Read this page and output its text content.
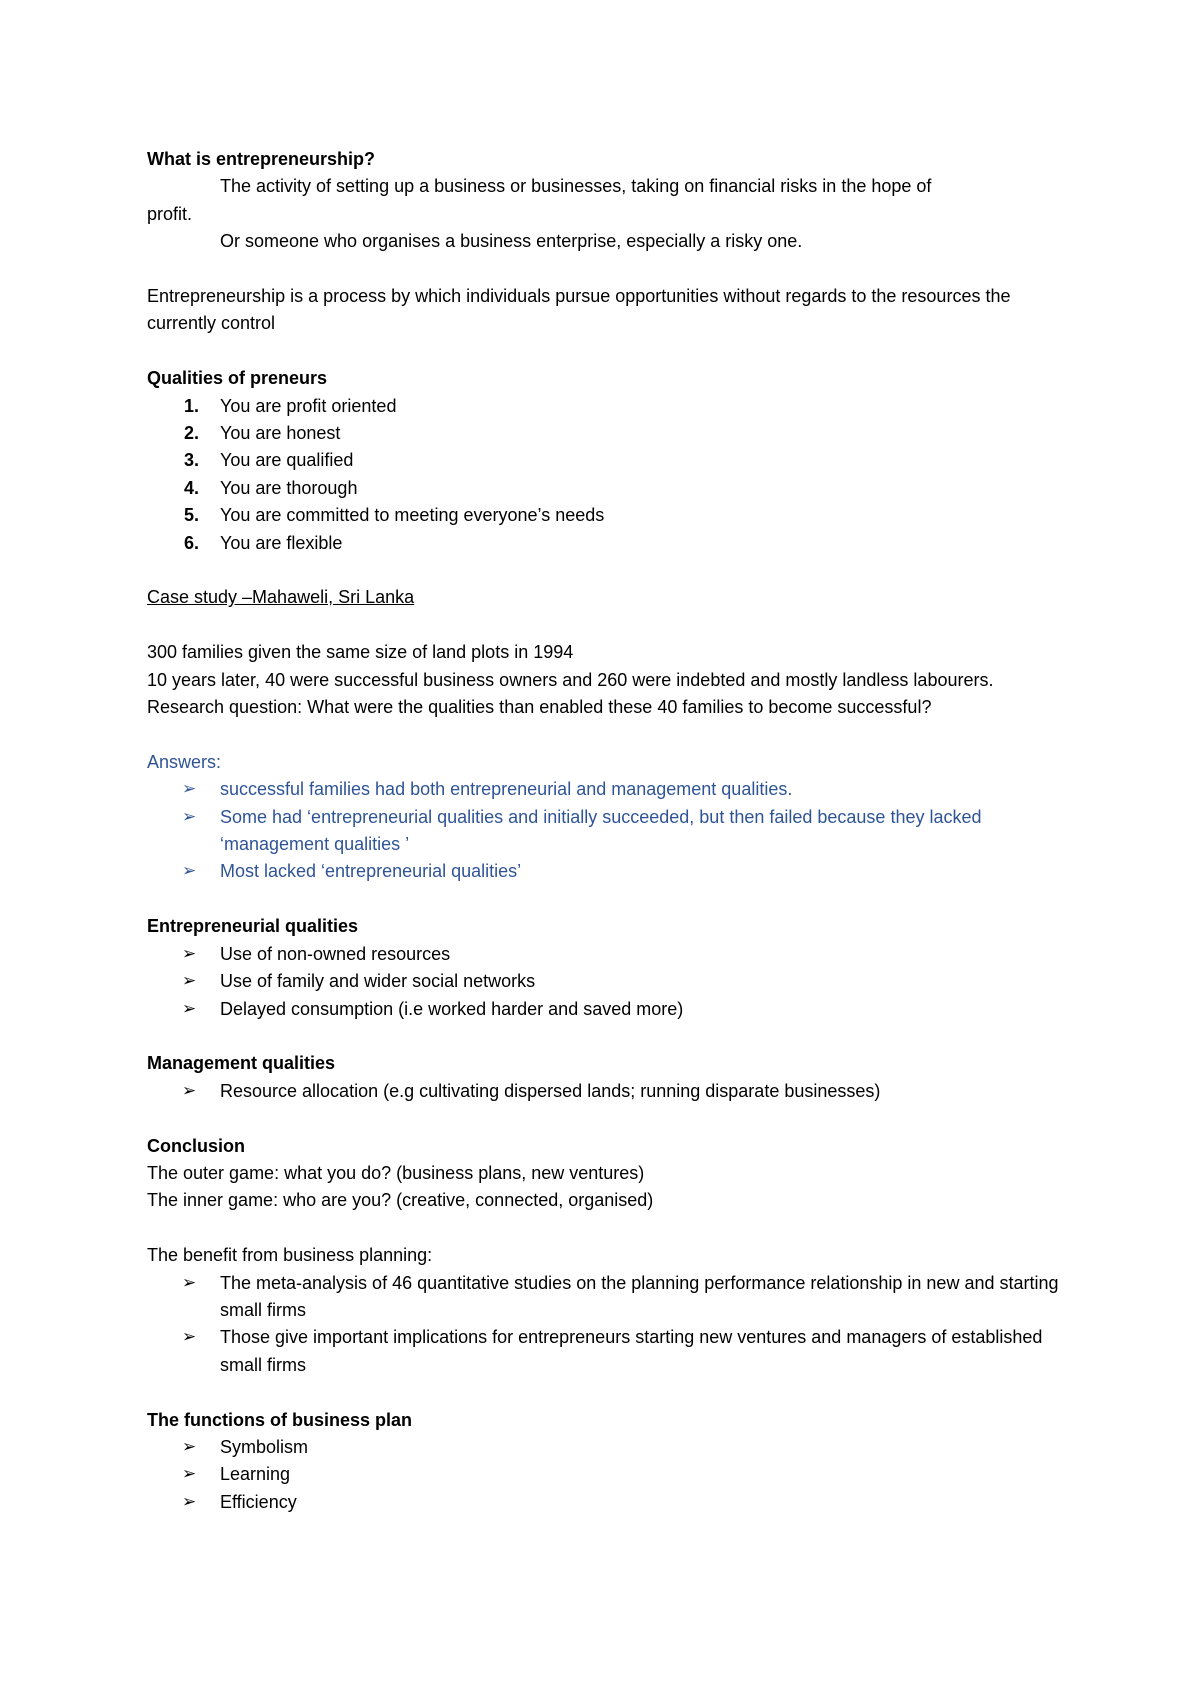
What is entrepreneurship?
The activity of setting up a business or businesses, taking on financial risks in the hope of
profit.
Or someone who organises a business enterprise, especially a risky one.
Entrepreneurship is a process by which individuals pursue opportunities without regards to the resources the currently control
Qualities of preneurs
1.	You are profit oriented
2.	You are honest
3.	You are qualified
4.	You are thorough
5.	You are committed to meeting everyone’s needs
6.	You are flexible
Case study –Mahaweli, Sri Lanka
300 families given the same size of land plots in 1994
10 years later, 40 were successful business owners and 260 were indebted and mostly landless labourers.
Research question: What were the qualities than enabled these 40 families to become successful?
Answers:
➢	successful families had both entrepreneurial and management qualities.
➢	Some had ‘entrepreneurial qualities and initially succeeded, but then failed because they lacked ‘management qualities ’
➢	Most lacked ‘entrepreneurial qualities’
Entrepreneurial qualities
➢	Use of non-owned resources
➢	Use of family and wider social networks
➢	Delayed consumption (i.e worked harder and saved more)
Management qualities
➢	Resource allocation (e.g cultivating dispersed lands; running disparate businesses)
Conclusion
The outer game: what you do? (business plans, new ventures)
The inner game: who are you? (creative, connected, organised)
The benefit from business planning:
➢	The meta-analysis of 46 quantitative studies on the planning performance relationship in new and starting small firms
➢	Those give important implications for entrepreneurs starting new ventures and managers of established small firms
The functions of business plan
➢	Symbolism
➢	Learning
➢	Efficiency
